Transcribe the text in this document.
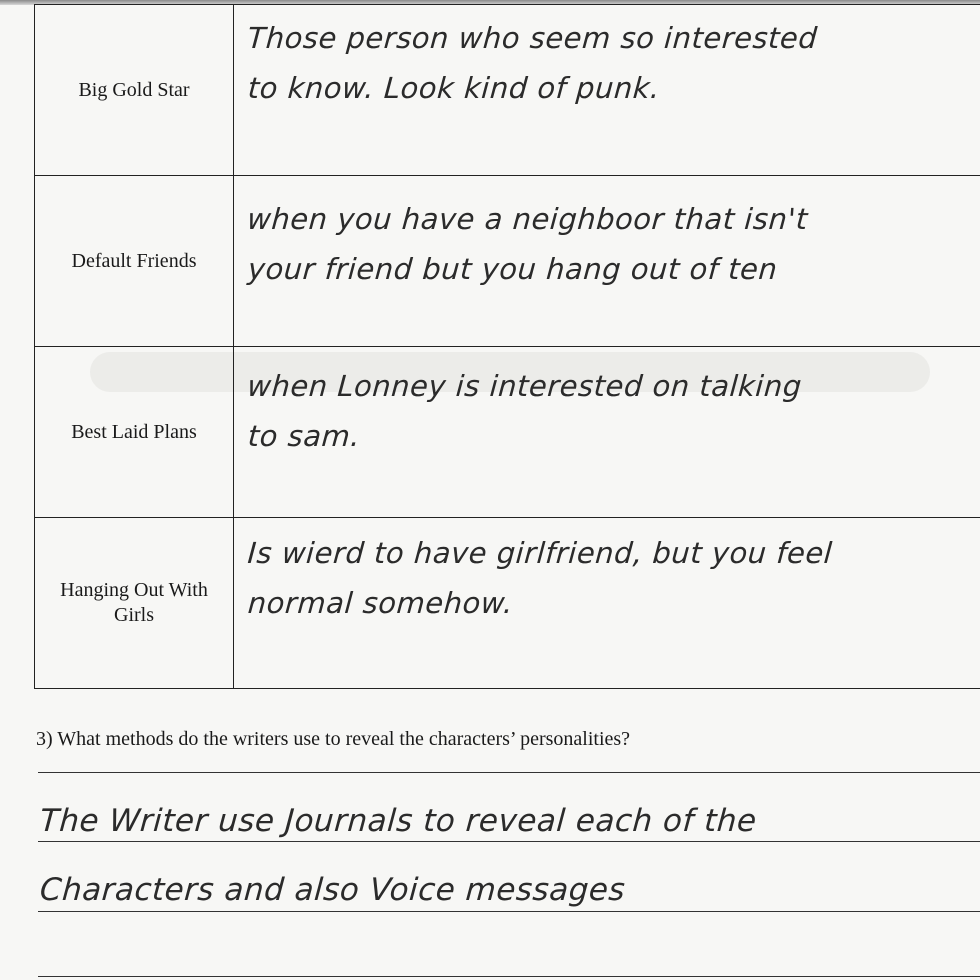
Big Gold Star	Those person who seem so interested
to know. Look kind of punk.

Default Friends	when you have a neighboor that isn't
your friend but you hang out of ten

Best Laid Plans	when Lonney is interested on talking
to sam.

Hanging Out With Girls	Is wierd to have girlfriend, but you feel
normal somehow.
3) What methods do the writers use to reveal the characters’ personalities?
The Writer use Journals to reveal each of the
Characters and also Voice messages
